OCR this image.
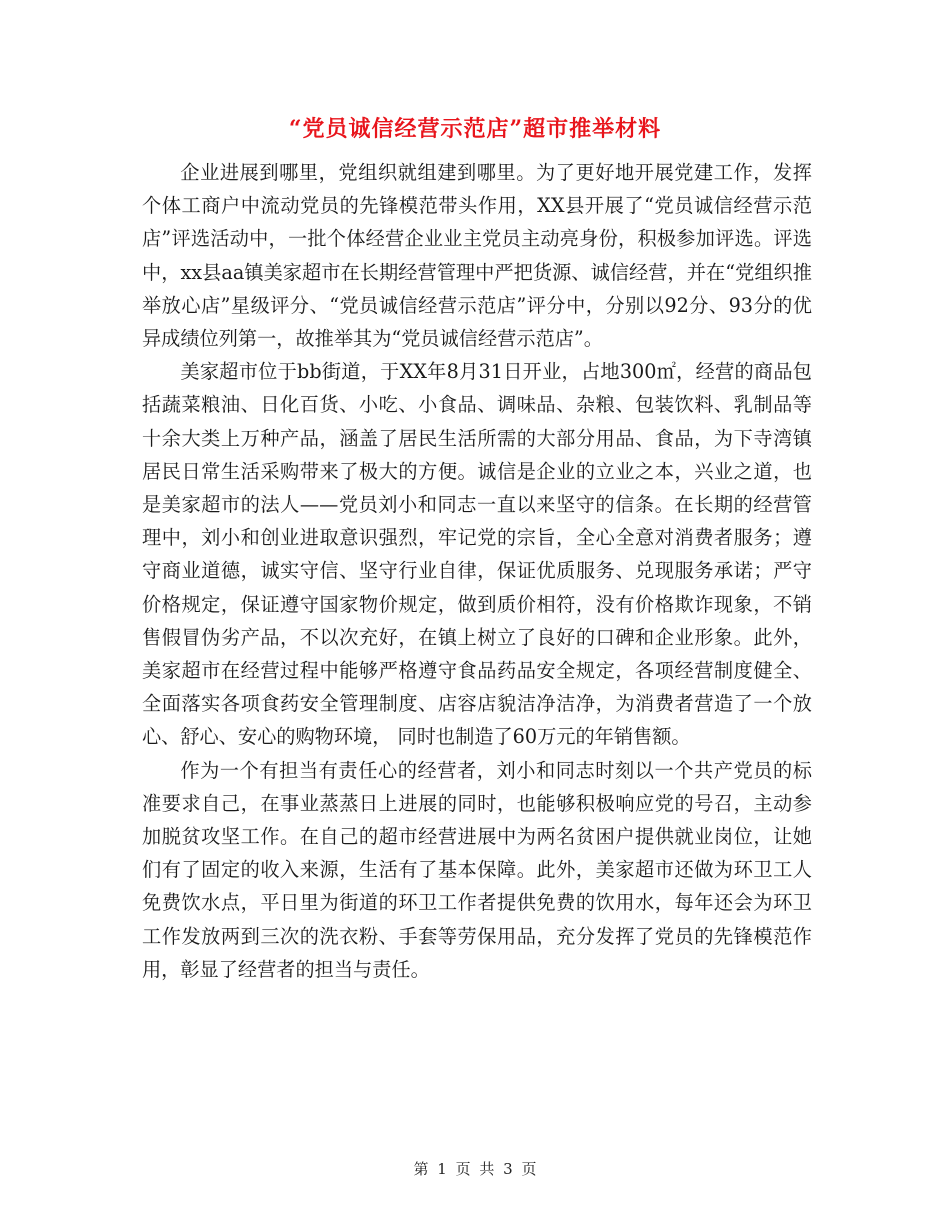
“党员诚信经营示范店”超市推举材料

企业进展到哪里，党组织就组建到哪里。为了更好地开展党建工作，发挥个体工商户中流动党员的先锋模范带头作用，XX县开展了“党员诚信经营示范店”评选活动中，一批个体经营企业业主党员主动亮身份，积极参加评选。评选中，xx县aa镇美家超市在长期经营管理中严把货源、诚信经营，并在“党组织推举放心店”星级评分、“党员诚信经营示范店”评分中，分别以92分、93分的优异成绩位列第一，故推举其为“党员诚信经营示范店”。

美家超市位于bb街道，于XX年8月31日开业，占地300㎡，经营的商品包括蔬菜粮油、日化百货、小吃、小食品、调味品、杂粮、包装饮料、乳制品等十余大类上万种产品，涵盖了居民生活所需的大部分用品、食品，为下寺湾镇居民日常生活采购带来了极大的方便。诚信是企业的立业之本，兴业之道，也是美家超市的法人——党员刘小和同志一直以来坚守的信条。在长期的经营管理中，刘小和创业进取意识强烈，牢记党的宗旨，全心全意对消费者服务；遵守商业道德，诚实守信、坚守行业自律，保证优质服务、兑现服务承诺；严守价格规定，保证遵守国家物价规定，做到质价相符，没有价格欺诈现象，不销售假冒伪劣产品，不以次充好，在镇上树立了良好的口碑和企业形象。此外，美家超市在经营过程中能够严格遵守食品药品安全规定，各项经营制度健全、全面落实各项食药安全管理制度、店容店貌洁净洁净，为消费者营造了一个放心、舒心、安心的购物环境， 同时也制造了60万元的年销售额。

作为一个有担当有责任心的经营者，刘小和同志时刻以一个共产党员的标准要求自己，在事业蒸蒸日上进展的同时，也能够积极响应党的号召，主动参加脱贫攻坚工作。在自己的超市经营进展中为两名贫困户提供就业岗位，让她们有了固定的收入来源，生活有了基本保障。此外，美家超市还做为环卫工人免费饮水点，平日里为街道的环卫工作者提供免费的饮用水，每年还会为环卫工作发放两到三次的洗衣粉、手套等劳保用品，充分发挥了党员的先锋模范作用，彰显了经营者的担当与责任。

第 1 页 共 3 页
